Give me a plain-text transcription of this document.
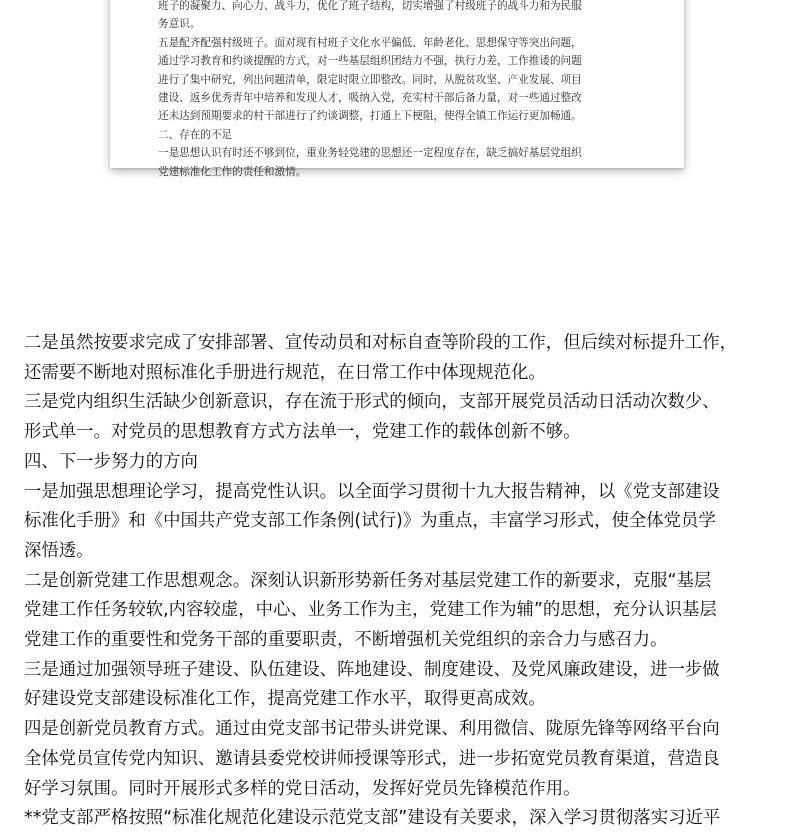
班子的凝聚力、向心力、战斗力，优化了班子结构，切实增强了村级班子的战斗力和为民服

务意识。

五是配齐配强村级班子。面对现有村班子文化水平偏低、年龄老化、思想保守等突出问题，

通过学习教育和约谈提醒的方式，对一些基层组织团结力不强，执行力差，工作推诿的问题

进行了集中研究，列出问题清单，限定时限立即整改。同时，从脱贫攻坚、产业发展、项目

建设、返乡优秀青年中培养和发现人才，吸纳入党，充实村干部后备力量，对一些通过整改

还未达到预期要求的村干部进行了约谈调整，打通上下梗阻，使得全镇工作运行更加畅通。

二、存在的不足

一是思想认识有时还不够到位，重业务轻党建的思想还一定程度存在，缺乏搞好基层党组织

党建标准化工作的责任和激情。

二是虽然按要求完成了安排部署、宣传动员和对标自查等阶段的工作，但后续对标提升工作，

还需要不断地对照标准化手册进行规范，在日常工作中体现规范化。

三是党内组织生活缺少创新意识，存在流于形式的倾向，支部开展党员活动日活动次数少、

形式单一。对党员的思想教育方式方法单一，党建工作的载体创新不够。

四、下一步努力的方向

一是加强思想理论学习，提高党性认识。以全面学习贯彻十九大报告精神，以《党支部建设

标准化手册》和《中国共产党支部工作条例(试行)》为重点，丰富学习形式，使全体党员学

深悟透。

二是创新党建工作思想观念。深刻认识新形势新任务对基层党建工作的新要求，克服“基层

党建工作任务较软,内容较虚，中心、业务工作为主，党建工作为辅”的思想，充分认识基层

党建工作的重要性和党务干部的重要职责，不断增强机关党组织的亲合力与感召力。

三是通过加强领导班子建设、队伍建设、阵地建设、制度建设、及党风廉政建设，进一步做

好建设党支部建设标准化工作，提高党建工作水平，取得更高成效。

四是创新党员教育方式。通过由党支部书记带头讲党课、利用微信、陇原先锋等网络平台向

全体党员宣传党内知识、邀请县委党校讲师授课等形式，进一步拓宽党员教育渠道，营造良

好学习氛围。同时开展形式多样的党日活动，发挥好党员先锋模范作用。

**党支部严格按照“标准化规范化建设示范党支部”建设有关要求，深入学习贯彻落实习近平
